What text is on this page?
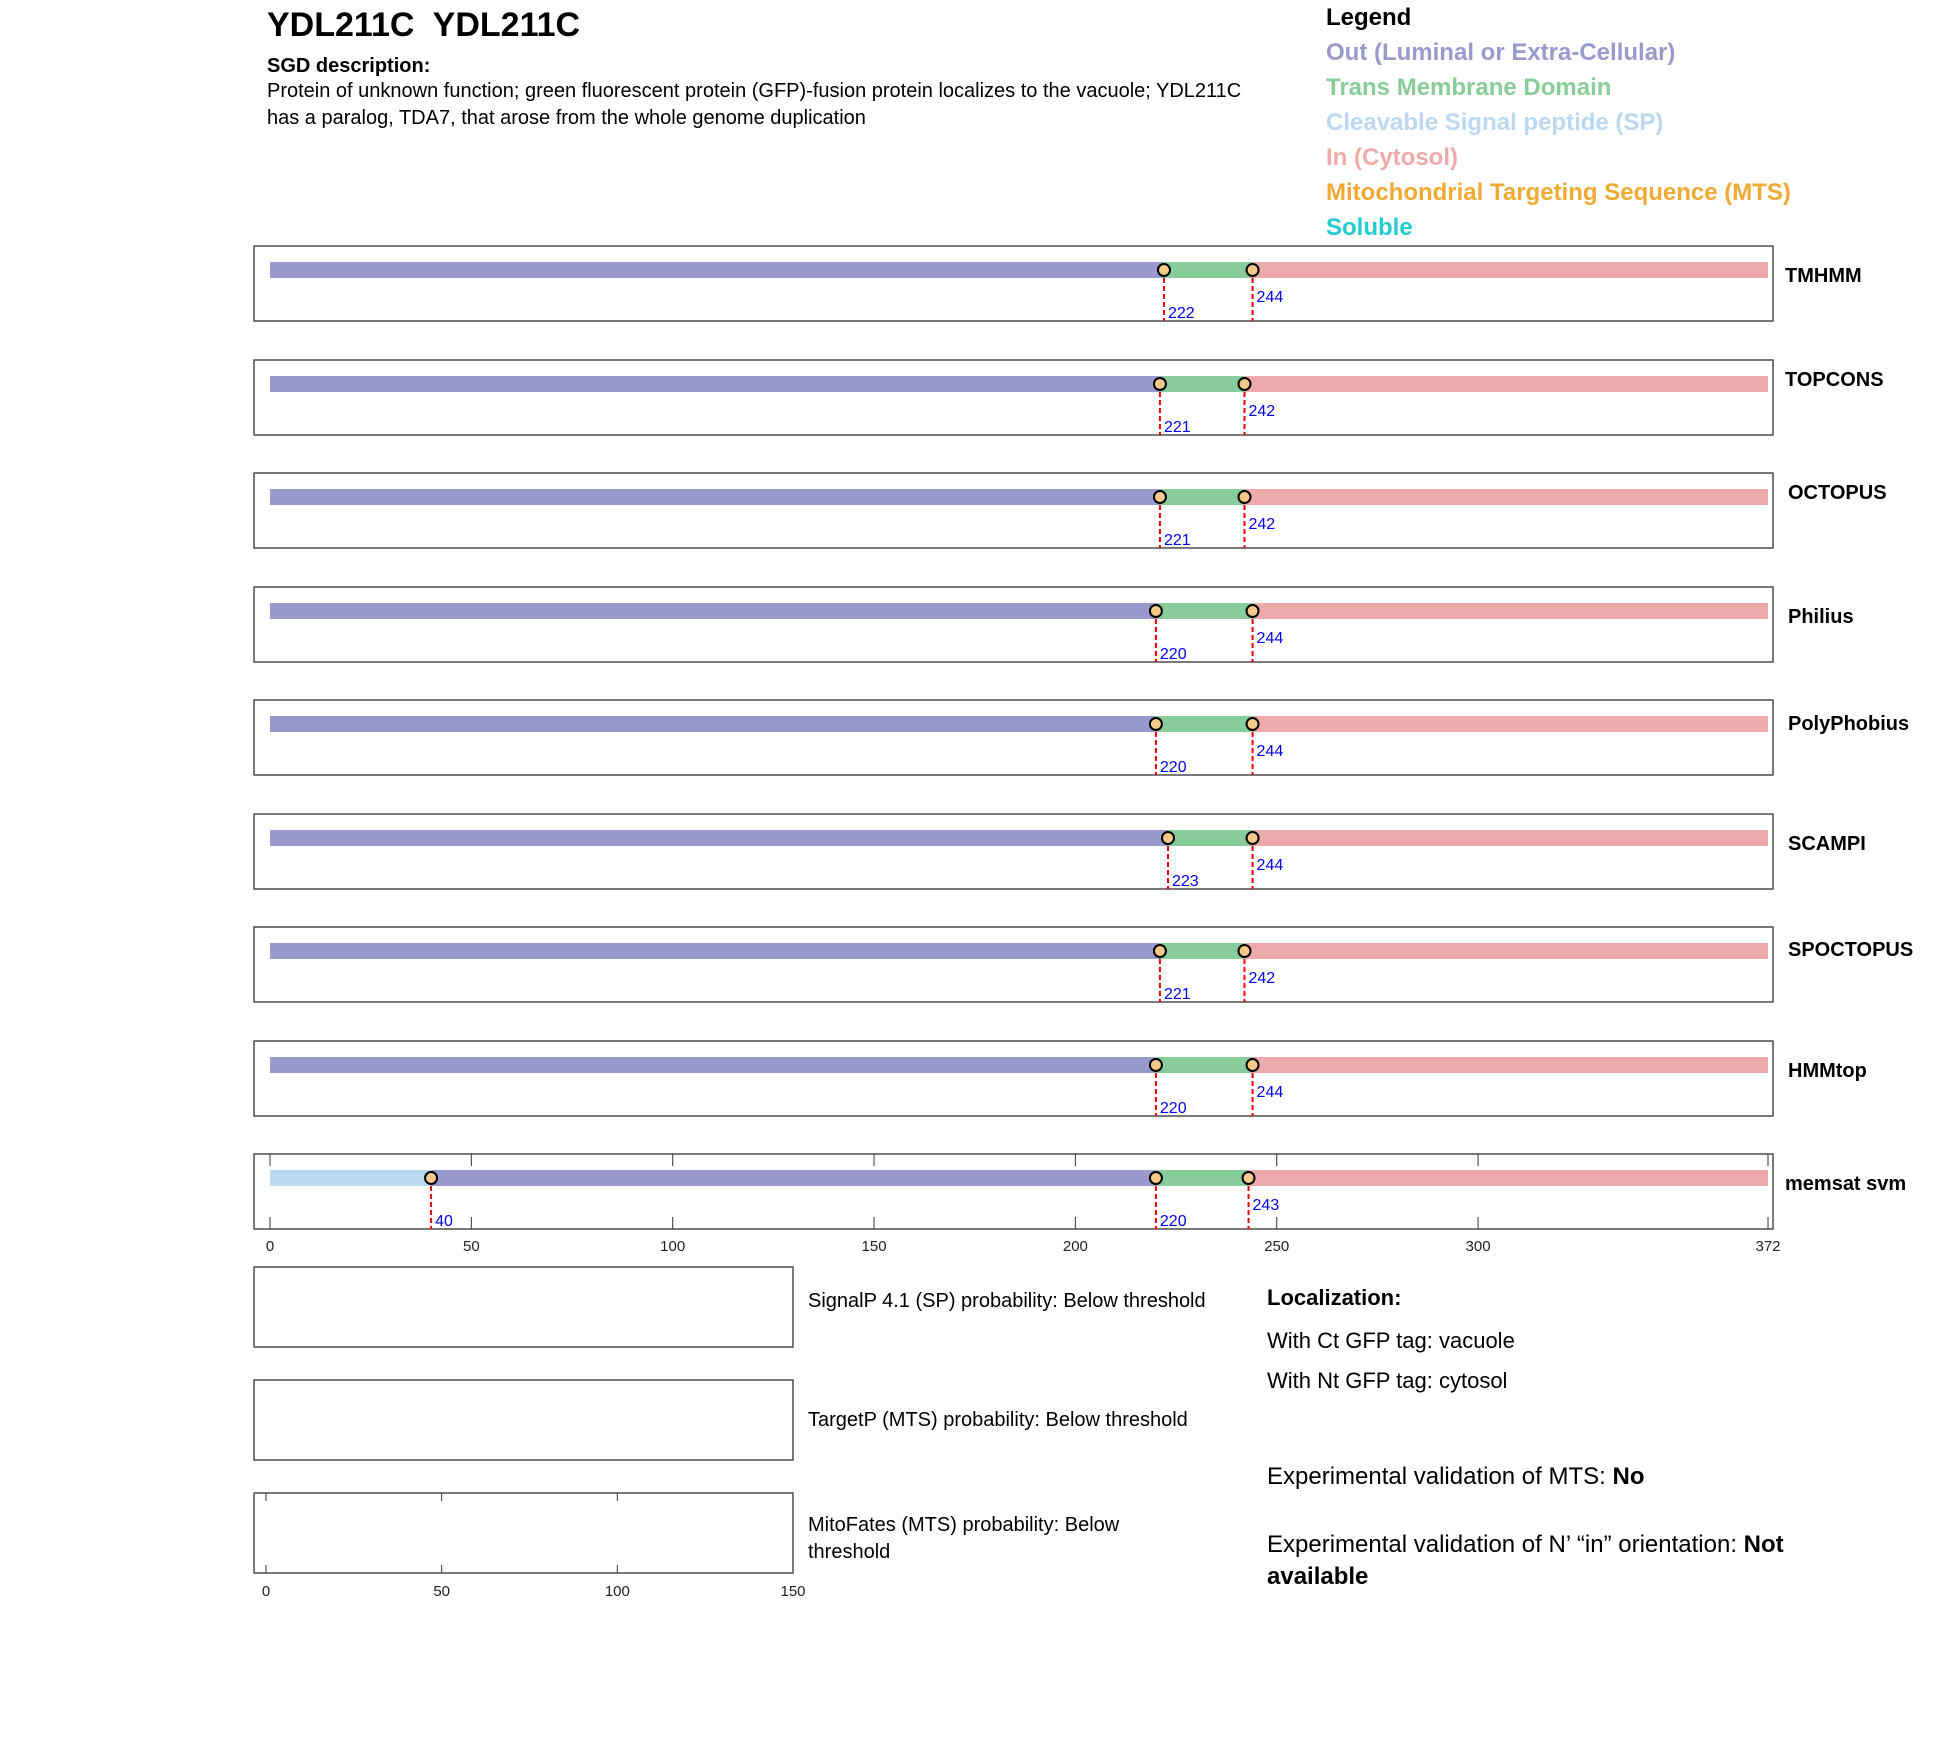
222
244
TMHMM
221
242
TOPCONS
221
242
OCTOPUS
220
244
Philius
220
244
PolyPhobius
223
244
SCAMPI
221
242
SPOCTOPUS
220
244
HMMtop
0	50	100	150	200	250	300	372
40	220
243
memsat svm
0	50	100	150
YDL211C  YDL211C
SGD description:
Protein of unknown function; green fluorescent protein (GFP)-fusion protein localizes to the vacuole; YDL211C has a paralog, TDA7, that arose from the whole genome duplication
Legend
Out (Luminal or Extra-Cellular)
Trans Membrane Domain
Cleavable Signal peptide (SP)
In (Cytosol)
Mitochondrial Targeting Sequence (MTS)
Soluble
SignalP 4.1 (SP) probability: Below threshold
TargetP (MTS) probability: Below threshold
MitoFates (MTS) probability: Below threshold
Localization:
With Ct GFP tag: vacuole
With Nt GFP tag: cytosol
Experimental validation of MTS: No
Experimental validation of N’ “in” orientation: Not available
